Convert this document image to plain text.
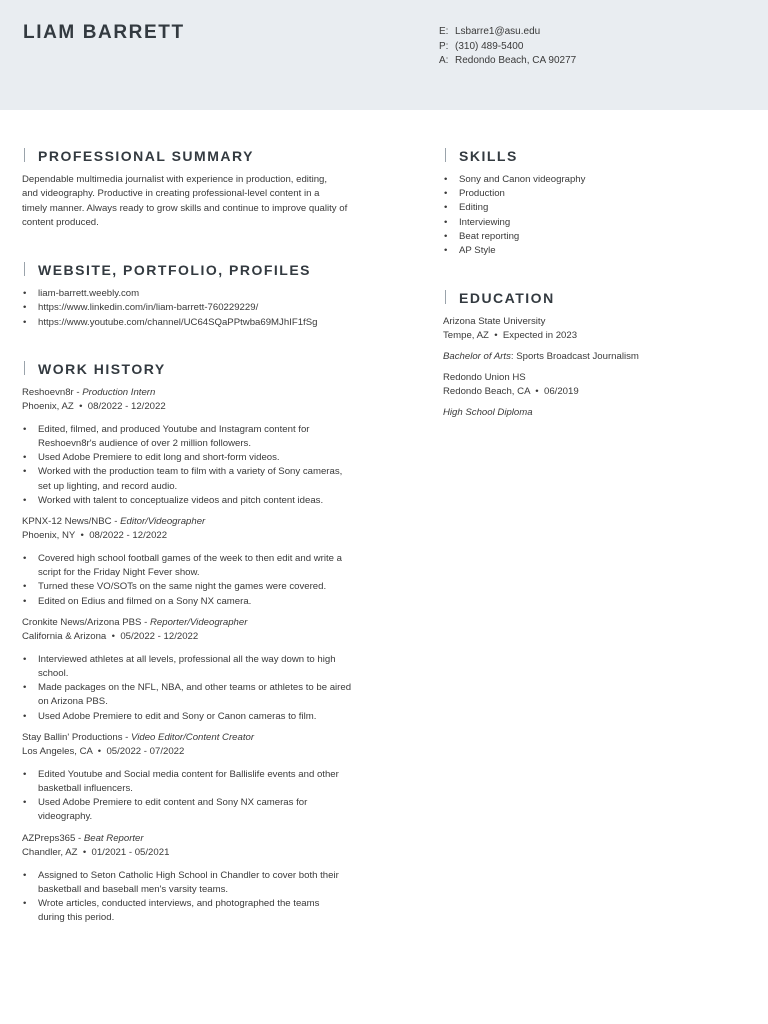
LIAM BARRETT	E: Lsbarre1@asu.edu
P: (310) 489-5400
A: Redondo Beach, CA 90277
PROFESSIONAL SUMMARY

Dependable multimedia journalist with experience in production, editing,
and videography. Productive in creating professional-level content in a
timely manner. Always ready to grow skills and continue to improve quality of
content produced.

WEBSITE, PORTFOLIO, PROFILES
• liam-barrett.weebly.com
• https://www.linkedin.com/in/liam-barrett-760229229/
• https://www.youtube.com/channel/UC64SQaPPtwba69MJhIF1fSg
WORK HISTORY
Reshoevn8r - Production Intern
Phoenix, AZ • 08/2022 - 12/2022
• Edited, filmed, and produced Youtube and Instagram content for
Reshoevn8r's audience of over 2 million followers.
• Used Adobe Premiere to edit long and short-form videos.
• Worked with the production team to film with a variety of Sony cameras,
set up lighting, and record audio.
• Worked with talent to conceptualize videos and pitch content ideas.
KPNX-12 News/NBC - Editor/Videographer
Phoenix, NY • 08/2022 - 12/2022
• Covered high school football games of the week to then edit and write a
script for the Friday Night Fever show.
• Turned these VO/SOTs on the same night the games were covered.
• Edited on Edius and filmed on a Sony NX camera.
Cronkite News/Arizona PBS - Reporter/Videographer
California & Arizona • 05/2022 - 12/2022
• Interviewed athletes at all levels, professional all the way down to high
school.
• Made packages on the NFL, NBA, and other teams or athletes to be aired
on Arizona PBS.
• Used Adobe Premiere to edit and Sony or Canon cameras to film.
Stay Ballin' Productions - Video Editor/Content Creator
Los Angeles, CA • 05/2022 - 07/2022
• Edited Youtube and Social media content for Ballislife events and other
basketball influencers.
• Used Adobe Premiere to edit content and Sony NX cameras for
videography.
AZPreps365 - Beat Reporter
Chandler, AZ • 01/2021 - 05/2021
• Assigned to Seton Catholic High School in Chandler to cover both their
basketball and baseball men's varsity teams.
• Wrote articles, conducted interviews, and photographed the teams
during this period.
SKILLS
• Sony and Canon videography
• Production
• Editing
• Interviewing
• Beat reporting
• AP Style
EDUCATION
Arizona State University
Tempe, AZ • Expected in 2023
Bachelor of Arts: Sports Broadcast Journalism
Redondo Union HS
Redondo Beach, CA • 06/2019
High School Diploma
